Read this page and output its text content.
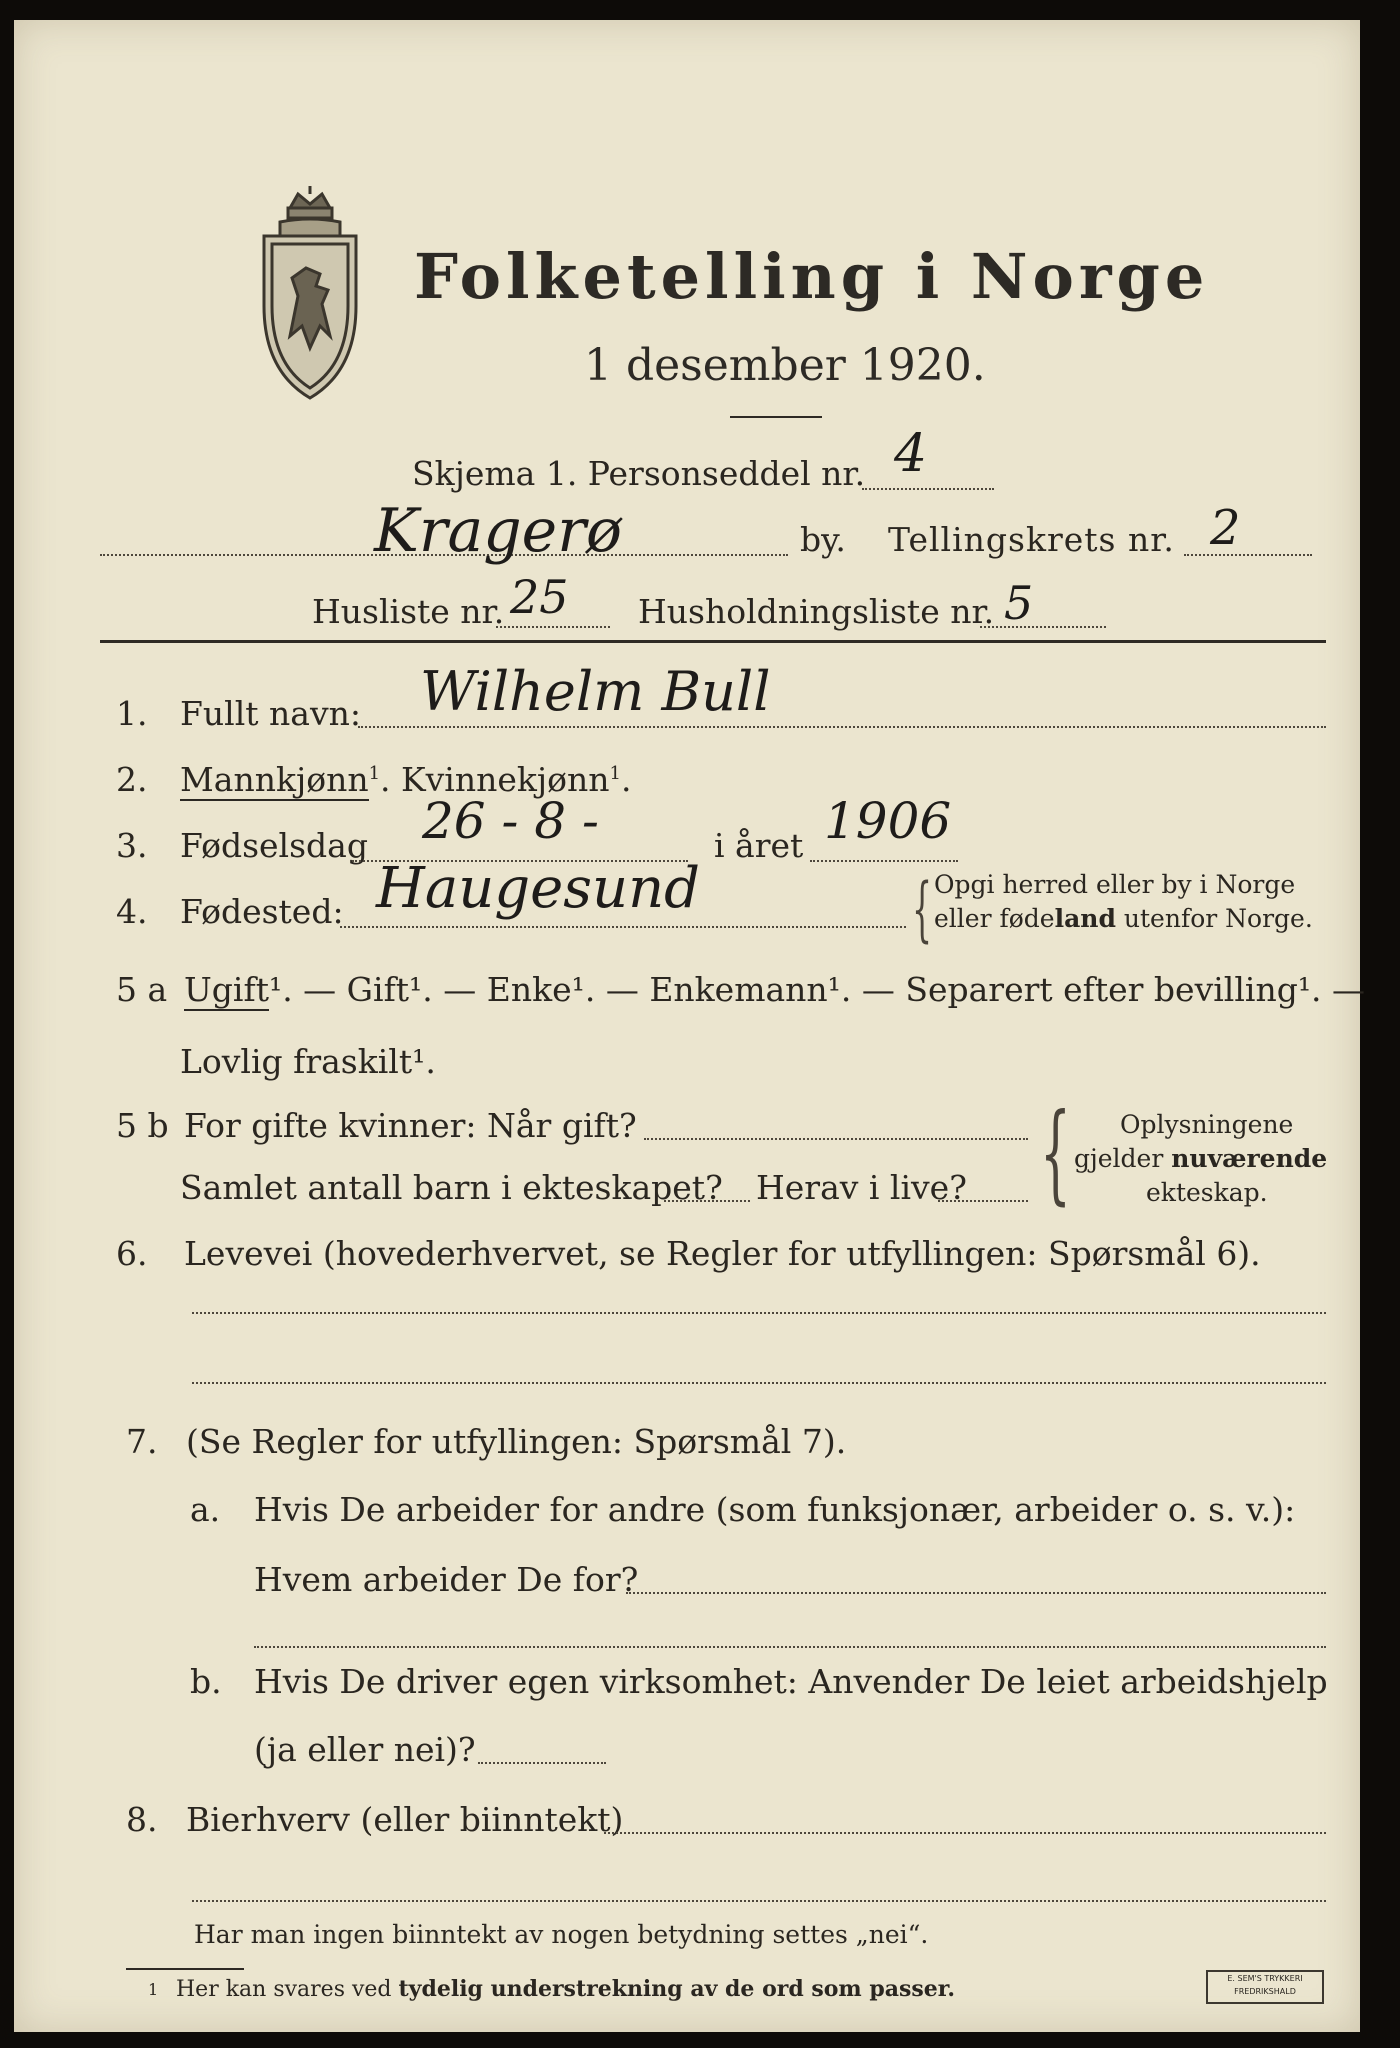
Folketelling i Norge
1 desember 1920.
Skjema 1. Personseddel nr. 4
Kragerø	by. Tellingskrets nr. 2
Husliste nr. 25 Husholdningsliste nr. 5
1. Fullt navn: Wilhelm Bull
2. Mannkjønn$^1$. Kvinnekjønn$^1$.
3. Fødselsdag 26 - 8 -	i året 1906
4. Fødested: Haugesund	{ Opgi herred eller by i Norge
eller fødeland utenfor Norge.
5 a Ugift¹. — Gift¹. — Enke¹. — Enkemann¹. — Separert efter bevilling¹. —
Lovlig fraskilt¹.
5 b For gifte kvinner: Når gift?
Samlet antall barn i ekteskapet? Herav i live? { Oplysningene
gjelder nuværende
ekteskap.
6. Levevei (hovederhvervet, se Regler for utfyllingen: Spørsmål 6).
7. (Se Regler for utfyllingen: Spørsmål 7).
a. Hvis De arbeider for andre (som funksjonær, arbeider o. s. v.):
Hvem arbeider De for?
b. Hvis De driver egen virksomhet: Anvender De leiet arbeidshjelp
(ja eller nei)?
8. Bierhverv (eller biinntekt)
Har man ingen biinntekt av nogen betydning settes „nei“.
1 Her kan svares ved tydelig understrekning av de ord som passer.	E. SEM'S TRYKKERI
FREDRIKSHALD
